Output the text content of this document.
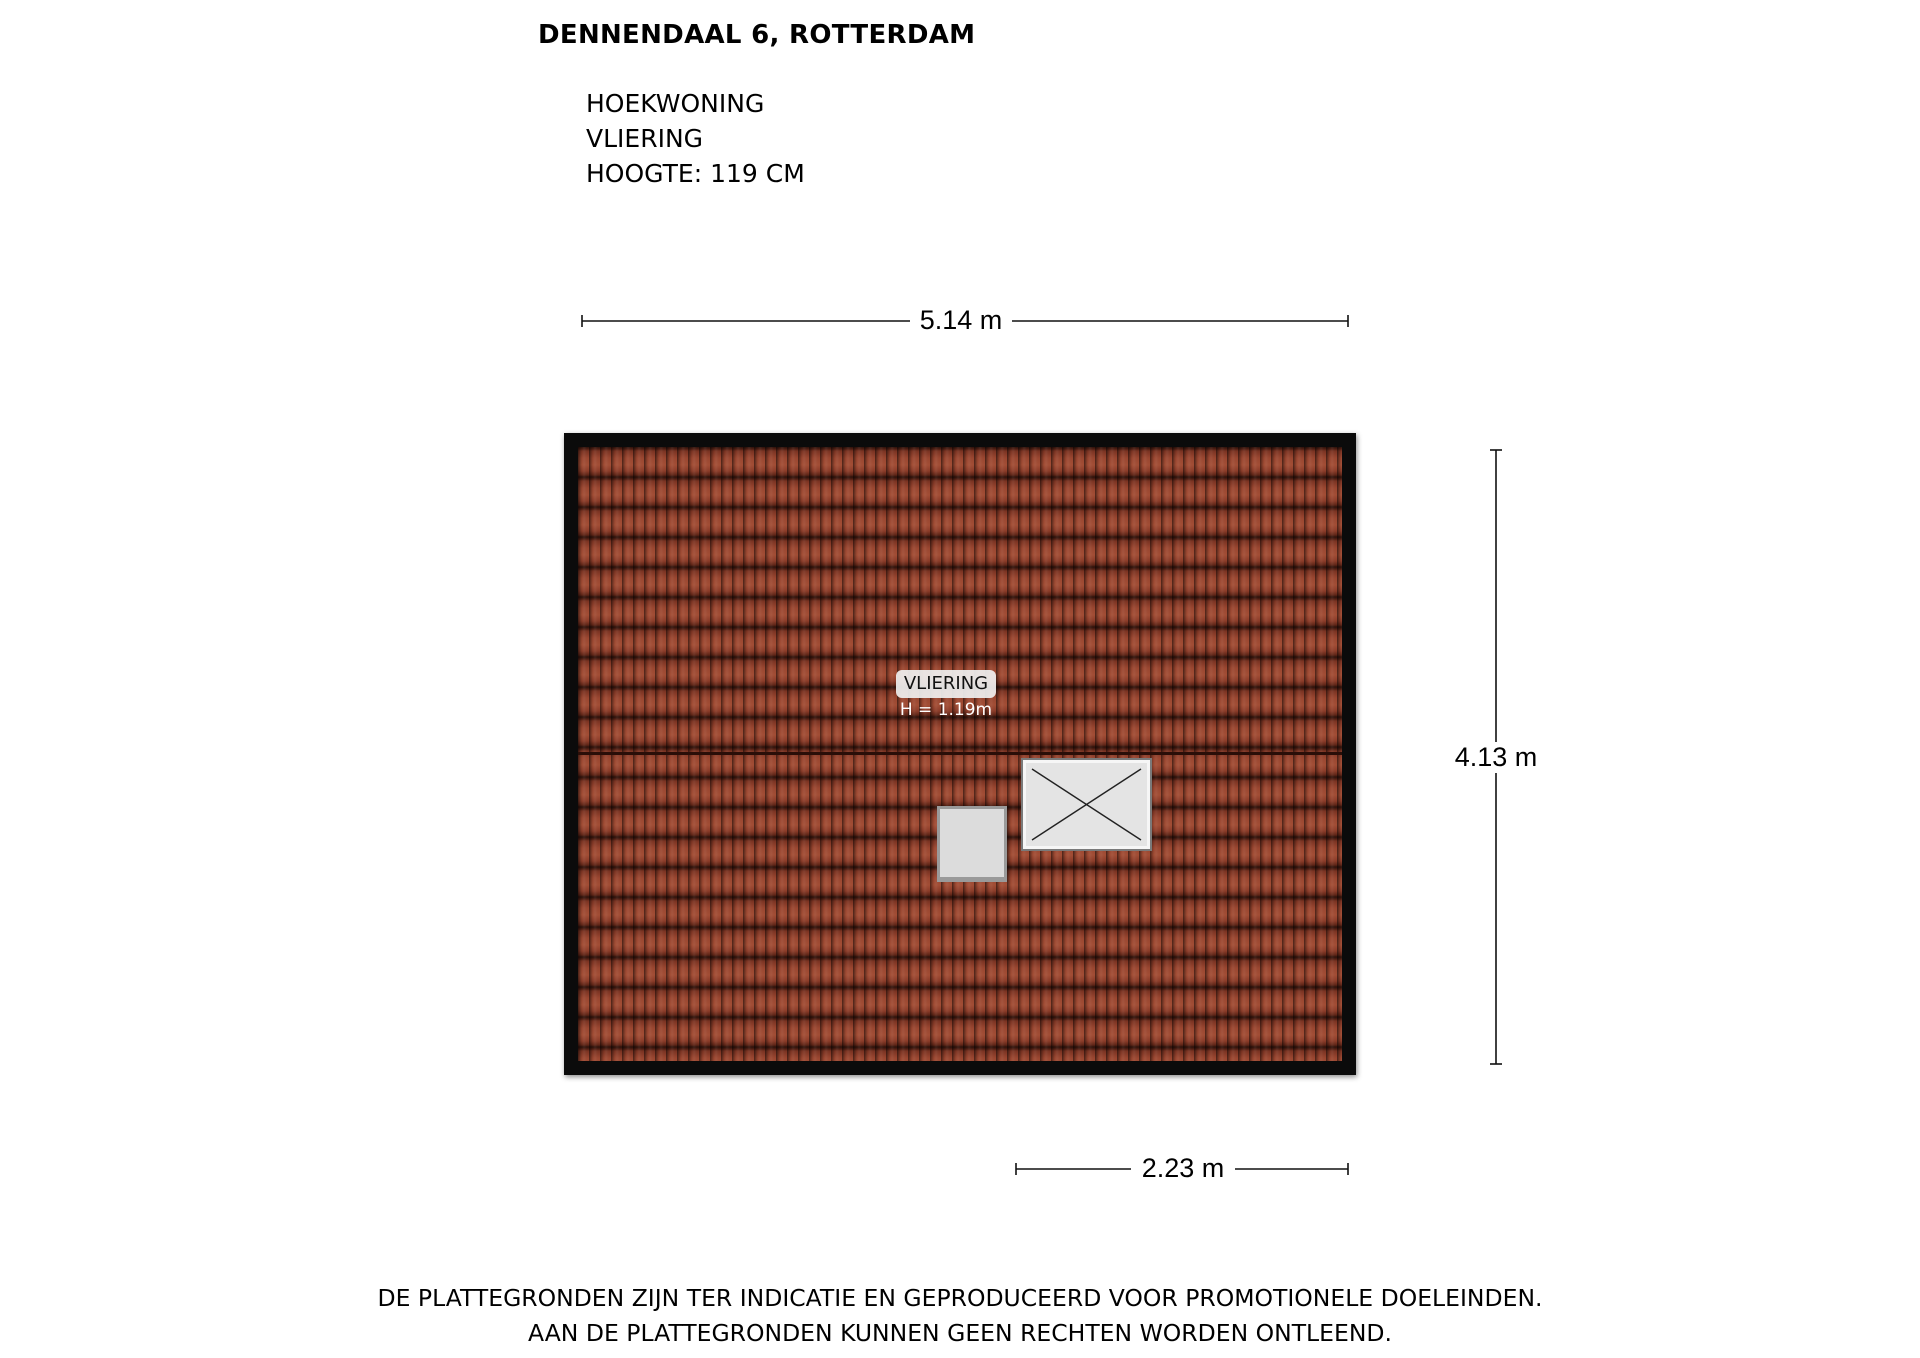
DENNENDAAL 6, ROTTERDAM
HOEKWONING
VLIERING
HOOGTE: 119 CM
5.14 m
4.13 m
2.23 m
VLIERING
H = 1.19m
DE PLATTEGRONDEN ZIJN TER INDICATIE EN GEPRODUCEERD VOOR PROMOTIONELE DOELEINDEN.
AAN DE PLATTEGRONDEN KUNNEN GEEN RECHTEN WORDEN ONTLEEND.
